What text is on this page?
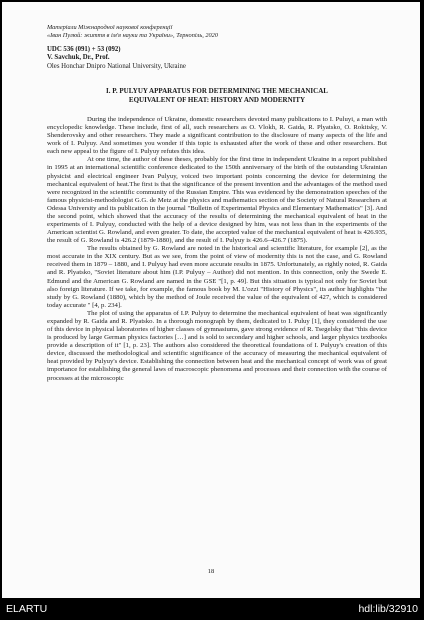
Матеріали Міжнародної наукової конференції
«Іван Пулюй: життя в ім'я науки та України», Тернопіль, 2020
UDC 536 (091) + 53 (092)
V. Savchuk, Dr., Prof.
Oles Honchar Dnipro National University, Ukraine
I. P. PULYUY APPARATUS FOR DETERMINING THE MECHANICAL
EQUIVALENT OF HEAT: HISTORY AND MODERNITY

During the independence of Ukraine, domestic researchers devoted many publications to I. Puluyi, a man with encyclopedic knowledge. These include, first of all, such researchers as O. Vlokh, R. Gaida, R. Plyatsko, O. Rokitsky, V. Shenderovsky and other researchers. They made a significant contribution to the disclosure of many aspects of the life and work of I. Pulyuy. And sometimes you wonder if this topic is exhausted after the work of these and other researchers. But each new appeal to the figure of I. Pulyuy refutes this idea.

At one time, the author of these theses, probably for the first time in independent Ukraine in a report published in 1995 at an international scientific conference dedicated to the 150th anniversary of the birth of the outstanding Ukrainian physicist and electrical engineer Ivan Pulyuy, voiced two important points concerning the device for determining the mechanical equivalent of heat.The first is that the significance of the present invention and the advantages of the method used were recognized in the scientific community of the Russian Empire. This was evidenced by the demonstration speeches of the famous physicist-methodologist G.G. de Metz at the physics and mathematics section of the Society of Natural Researchers at Odessa University and its publication in the journal "Bulletin of Experimental Physics and Elementary Mathematics" [3]. And the second point, which showed that the accuracy of the results of determining the mechanical equivalent of heat in the experiments of I. Pulyuy, conducted with the help of a device designed by him, was not less than in the experiments of the American scientist G. Rowland, and even greater. To date, the accepted value of the mechanical equivalent of heat is 426.935, the result of G. Rowland is 426.2 (1879-1880), and the result of I. Pulyuy is 426.6–426.7 (1875).

The results obtained by G. Rowland are noted in the historical and scientific literature, for example [2], as the most accurate in the XIX century. But as we see, from the point of view of modernity this is not the case, and G. Rowland received them in 1879 – 1880, and I. Pulyuy had even more accurate results in 1875. Unfortunately, as rightly noted, R. Gaida and R. Plyatsko, "Soviet literature about him (I.P. Pulyuy – Author) did not mention. In this connection, only the Swede E. Edmund and the American G. Rowland are named in the GSE "[1, p. 49]. But this situation is typical not only for Soviet but also foreign literature. If we take, for example, the famous book by M. L'ozzi "History of Physics", its author highlights "the study by G. Rowland (1880), which by the method of Joule received the value of the equivalent of 427, which is considered today accurate " [4, p. 234].

The plot of using the apparatus of I.P. Pulyuy to determine the mechanical equivalent of heat was significantly expanded by R. Gaida and R. Plyatsko. In a thorough monograph by them, dedicated to I. Puluy [1], they considered the use of this device in physical laboratories of higher classes of gymnasiums, gave strong evidence of R. Tsegelsky that "this device is produced by large German physics factories […] and is sold to secondary and higher schools, and larger physics textbooks provide a description of it" [1, p. 23]. The authors also considered the theoretical foundations of I. Pulyuy's creation of this device, discussed the methodological and scientific significance of the accuracy of measuring the mechanical equivalent of heat provided by Pulyuy's device. Establishing the connection between heat and the mechanical concept of work was of great importance for establishing the general laws of macroscopic phenomena and processes and their connection with the course of processes at the microscopic

18
ELARTU	hdl:lib/32910
